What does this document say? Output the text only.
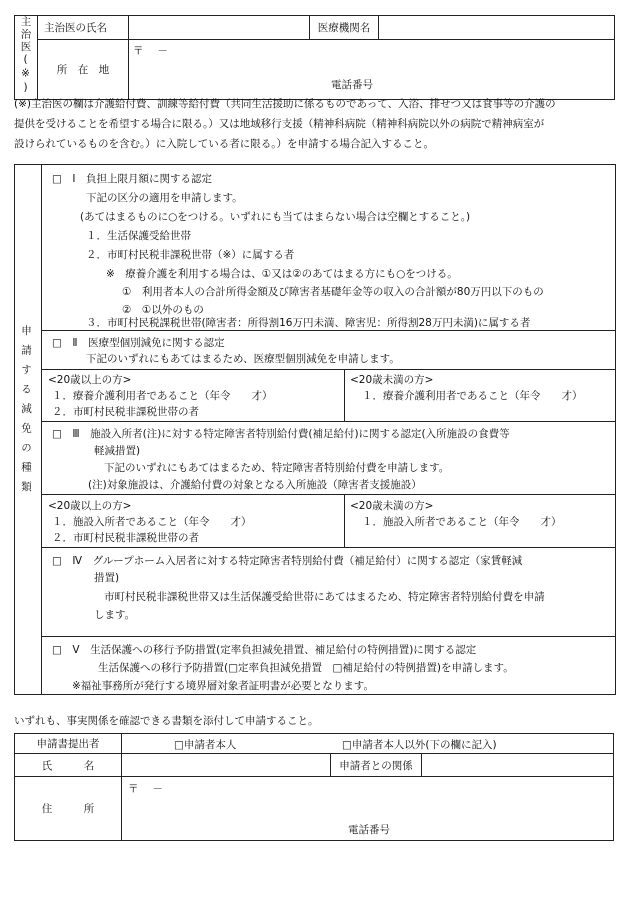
主治医(※)	主治医の氏名		医療機関名	
	所　在　地	〒 　－
電話番号		
(※)主治医の欄は介護給付費、訓練等給付費（共同生活援助に係るものであって、入浴、排せつ又は食事等の介護の
提供を受けることを希望する場合に限る。）又は地域移行支援（精神科病院（精神科病院以外の病院で精神病室が
設けられているものを含む。）に入院している者に限る。）を申請する場合記入すること。
申請する減免の種類
□　Ⅰ　負担上限月額に関する認定
下記の区分の適用を申請します。
(あてはまるものに○をつける。いずれにも当てはまらない場合は空欄とすること。)
１．生活保護受給世帯
２．市町村民税非課税世帯（※）に属する者
※　療養介護を利用する場合は、①又は②のあてはまる方にも○をつける。
①　利用者本人の合計所得金額及び障害者基礎年金等の収入の合計額が80万円以下のもの
②　①以外のもの
３．市町村民税課税世帯(障害者：所得割16万円未満、障害児：所得割28万円未満)に属する者
□　Ⅱ　医療型個別減免に関する認定
下記のいずれにもあてはまるため、医療型個別減免を申請します。
<20歳以上の方>
１．療養介護利用者であること（年令　　才）
２．市町村民税非課税世帯の者
<20歳未満の方>
１．療養介護利用者であること（年令　　才）
□　Ⅲ　施設入所者(注)に対する特定障害者特別給付費(補足給付)に関する認定(入所施設の食費等
軽減措置)
下記のいずれにもあてはまるため、特定障害者特別給付費を申請します。
(注)対象施設は、介護給付費の対象となる入所施設（障害者支援施設）
<20歳以上の方>
１．施設入所者であること（年令　　才）
２．市町村民税非課税世帯の者
<20歳未満の方>
１．施設入所者であること（年令　　才）
□　Ⅳ　グループホーム入居者に対する特定障害者特別給付費（補足給付）に関する認定（家賃軽減
措置)
市町村民税非課税世帯又は生活保護受給世帯にあてはまるため、特定障害者特別給付費を申請
します。
□　Ⅴ　生活保護への移行予防措置(定率負担減免措置、補足給付の特例措置)に関する認定
生活保護への移行予防措置(□定率負担減免措置　□補足給付の特例措置)を申請します。
※福祉事務所が発行する境界層対象者証明書が必要となります。
いずれも、事実関係を確認できる書類を添付して申請すること。
申請書提出者	□申請者本人 □申請者本人以外(下の欄に記入)		

氏　　　名		申請者との関係	
住　　　所	〒 　－
電話番号		
